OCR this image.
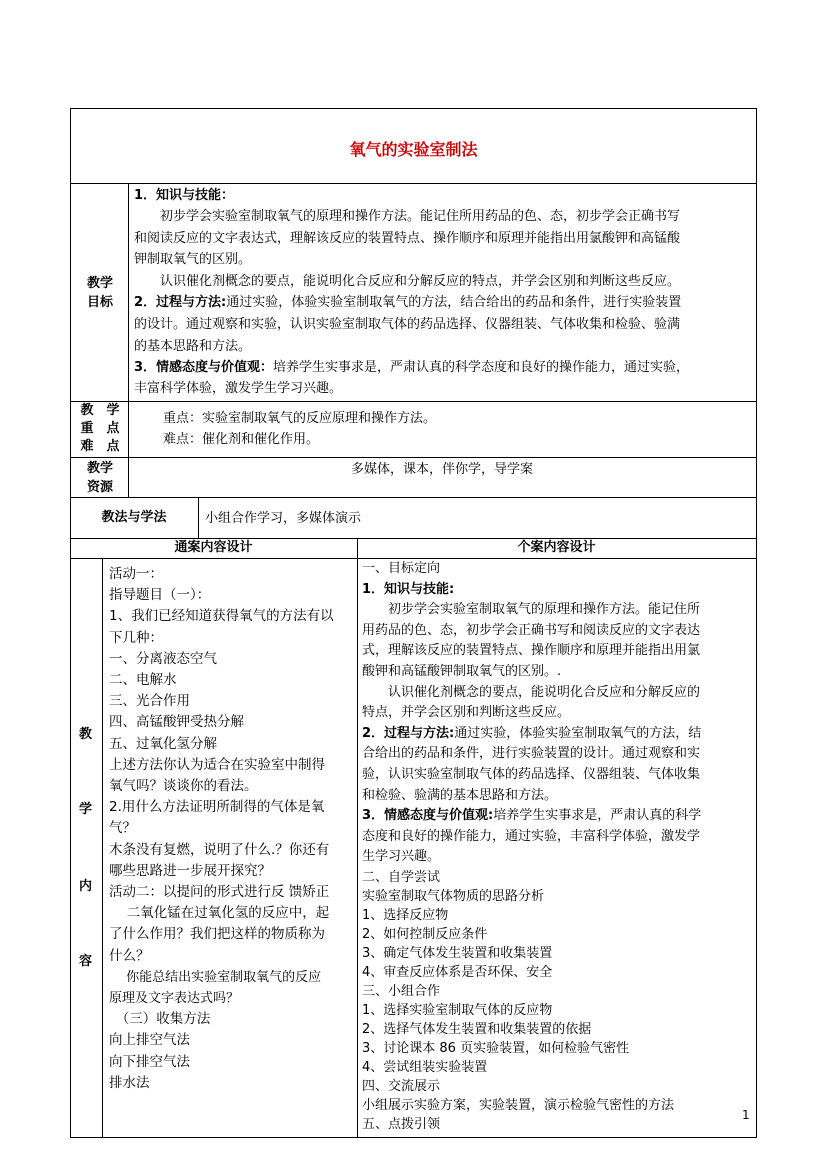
氧气的实验室制法
教学
目标
1．知识与技能：
　　初步学会实验室制取氧气的原理和操作方法。能记住所用药品的色、态，初步学会正确书写
和阅读反应的文字表达式，理解该反应的装置特点、操作顺序和原理并能指出用氯酸钾和高锰酸
钾制取氧气的区别。
　　认识催化剂概念的要点，能说明化合反应和分解反应的特点，并学会区别和判断这些反应。
2．过程与方法:通过实验，体验实验室制取氧气的方法，结合给出的药品和条件，进行实验装置
的设计。通过观察和实验，认识实验室制取气体的药品选择、仪器组装、气体收集和检验、验满
的基本思路和方法。
3．情感态度与价值观：培养学生实事求是，严肃认真的科学态度和良好的操作能力，通过实验，
丰富科学体验，激发学生学习兴趣。
教　学
重　点
难　点
重点：实验室制取氧气的反应原理和操作方法。
难点：催化剂和催化作用。
教学
资源
多媒体，课本，伴你学，导学案
教法与学法	小组合作学习，多媒体演示
通案内容设计	个案内容设计
教
学
内
容
活动一：
指导题目（一）：
1、我们已经知道获得氧气的方法有以
下几种：
一、分离液态空气
二、电解水
三、光合作用
四、高锰酸钾受热分解
五、过氧化氢分解
上述方法你认为适合在实验室中制得
氧气吗？谈谈你的看法。
2.用什么方法证明所制得的气体是氧
气？
木条没有复燃，说明了什么.？你还有
哪些思路进一步展开探究？
活动二：以提问的形式进行反 馈矫正
　 二氧化锰在过氧化氢的反应中，起
了什么作用？我们把这样的物质称为
什么？
　 你能总结出实验室制取氧气的反应
原理及文字表达式吗？
　（三）收集方法
向上排空气法
向下排空气法
排水法
一、目标定向
1．知识与技能:
　　初步学会实验室制取氧气的原理和操作方法。能记住所
用药品的色、态，初步学会正确书写和阅读反应的文字表达
式，理解该反应的装置特点、操作顺序和原理并能指出用氯
酸钾和高锰酸钾制取氧气的区别。.
　　认识催化剂概念的要点，能说明化合反应和分解反应的
特点，并学会区别和判断这些反应。
2．过程与方法:通过实验，体验实验室制取氧气的方法，结
合给出的药品和条件，进行实验装置的设计。通过观察和实
验，认识实验室制取气体的药品选择、仪器组装、气体收集
和检验、验满的基本思路和方法。
3．情感态度与价值观:培养学生实事求是，严肃认真的科学
态度和良好的操作能力，通过实验，丰富科学体验，激发学
生学习兴趣。
二、自学尝试
实验室制取气体物质的思路分析
1、选择反应物
2、如何控制反应条件
3、确定气体发生装置和收集装置
4、审查反应体系是否环保、安全
三、小组合作
1、选择实验室制取气体的反应物
2、选择气体发生装置和收集装置的依据
3、讨论课本 86 页实验装置，如何检验气密性
4、尝试组装实验装置
四、交流展示
小组展示实验方案，实验装置，演示检验气密性的方法
五、点拨引领
1
